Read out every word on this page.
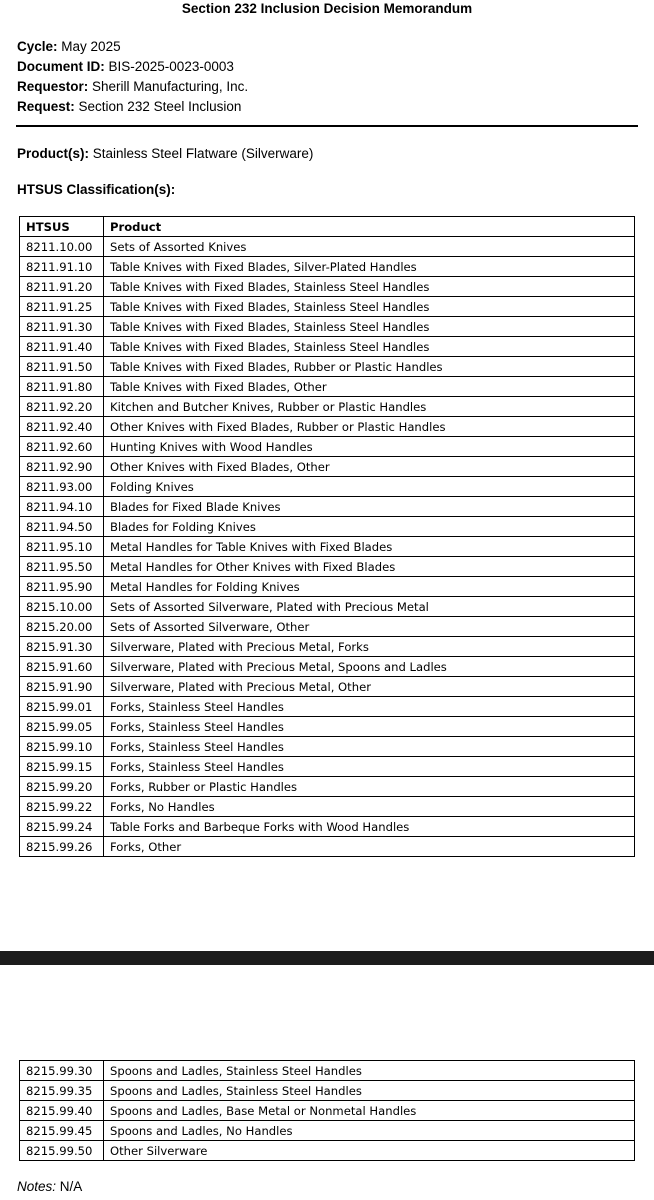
Section 232 Inclusion Decision Memorandum
Cycle: May 2025
Document ID: BIS-2025-0023-0003
Requestor: Sherill Manufacturing, Inc.
Request: Section 232 Steel Inclusion
Product(s): Stainless Steel Flatware (Silverware)
HTSUS Classification(s):
HTSUS	Product
8211.10.00	Sets of Assorted Knives
8211.91.10	Table Knives with Fixed Blades, Silver-Plated Handles
8211.91.20	Table Knives with Fixed Blades, Stainless Steel Handles
8211.91.25	Table Knives with Fixed Blades, Stainless Steel Handles
8211.91.30	Table Knives with Fixed Blades, Stainless Steel Handles
8211.91.40	Table Knives with Fixed Blades, Stainless Steel Handles
8211.91.50	Table Knives with Fixed Blades, Rubber or Plastic Handles
8211.91.80	Table Knives with Fixed Blades, Other
8211.92.20	Kitchen and Butcher Knives, Rubber or Plastic Handles
8211.92.40	Other Knives with Fixed Blades, Rubber or Plastic Handles
8211.92.60	Hunting Knives with Wood Handles
8211.92.90	Other Knives with Fixed Blades, Other
8211.93.00	Folding Knives
8211.94.10	Blades for Fixed Blade Knives
8211.94.50	Blades for Folding Knives
8211.95.10	Metal Handles for Table Knives with Fixed Blades
8211.95.50	Metal Handles for Other Knives with Fixed Blades
8211.95.90	Metal Handles for Folding Knives
8215.10.00	Sets of Assorted Silverware, Plated with Precious Metal
8215.20.00	Sets of Assorted Silverware, Other
8215.91.30	Silverware, Plated with Precious Metal, Forks
8215.91.60	Silverware, Plated with Precious Metal, Spoons and Ladles
8215.91.90	Silverware, Plated with Precious Metal, Other
8215.99.01	Forks, Stainless Steel Handles
8215.99.05	Forks, Stainless Steel Handles
8215.99.10	Forks, Stainless Steel Handles
8215.99.15	Forks, Stainless Steel Handles
8215.99.20	Forks, Rubber or Plastic Handles
8215.99.22	Forks, No Handles
8215.99.24	Table Forks and Barbeque Forks with Wood Handles
8215.99.26	Forks, Other
8215.99.30	Spoons and Ladles, Stainless Steel Handles
8215.99.35	Spoons and Ladles, Stainless Steel Handles
8215.99.40	Spoons and Ladles, Base Metal or Nonmetal Handles
8215.99.45	Spoons and Ladles, No Handles
8215.99.50	Other Silverware
Notes: N/A
